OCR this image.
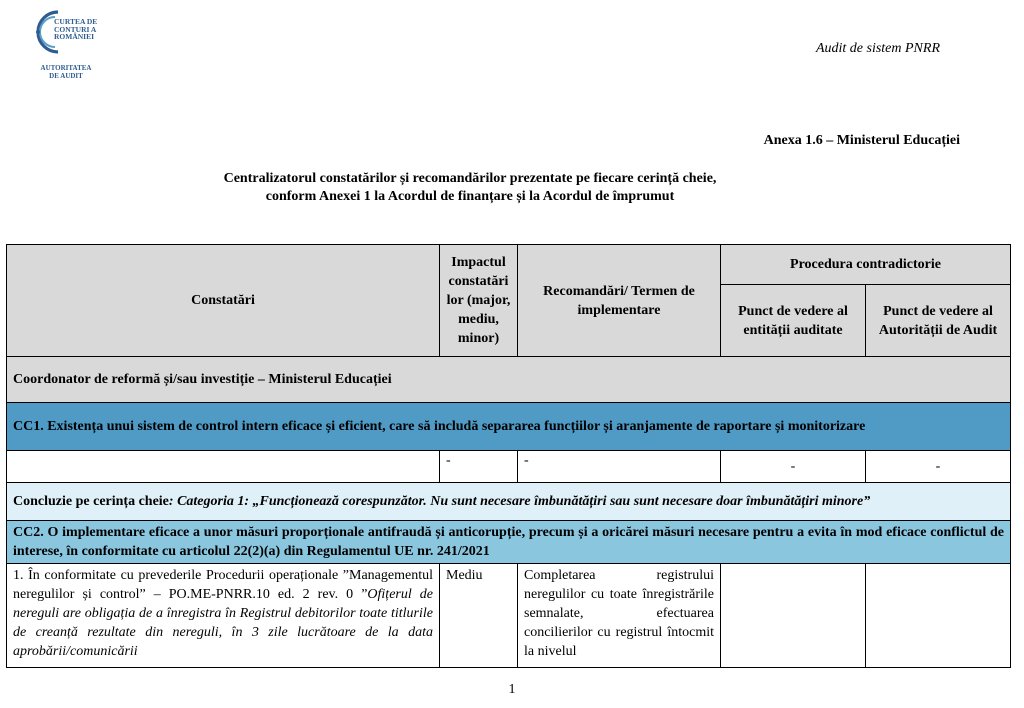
CURTEA DE
CONTURI A
ROMÂNIEI
AUTORITATEA
DE AUDIT
Audit de sistem PNRR
Anexa 1.6 – Ministerul Educației
Centralizatorul constatărilor și recomandărilor prezentate pe fiecare cerință cheie,
conform Anexei 1 la Acordul de finanțare și la Acordul de împrumut
Constatări	Impactul constatări lor (major, mediu, minor)	Recomandări/ Termen de implementare	Procedura contradictorie	
			Punct de vedere al entității auditate	Punct de vedere al Autorității de Audit
Coordonator de reformă și/sau investiție – Ministerul Educației				
CC1. Existența unui sistem de control intern eficace și eficient, care să includă separarea funcțiilor și aranjamente de raportare și monitorizare				
	-	-	-	-
Concluzie pe cerința cheie: Categoria 1: „Funcționează corespunzător. Nu sunt necesare îmbunătățiri sau sunt necesare doar îmbunătățiri minore”				
CC2. O implementare eficace a unor măsuri proporționale antifraudă și anticorupție, precum și a oricărei măsuri necesare pentru a evita în mod eficace conflictul de interese, în conformitate cu articolul 22(2)(a) din Regulamentul UE nr. 241/2021				
1. În conformitate cu prevederile Procedurii operaționale ”Managementul neregulilor și control” – PO.ME-PNRR.10 ed. 2 rev. 0 ”Ofițerul de nereguli are obligația de a înregistra în Registrul debitorilor toate titlurile de creanță rezultate din nereguli, în 3 zile lucrătoare de la data aprobării/comunicării	Mediu	Completarea registrului neregulilor cu toate înregistrările semnalate, efectuarea concilierilor cu registrul întocmit la nivelul		
1
